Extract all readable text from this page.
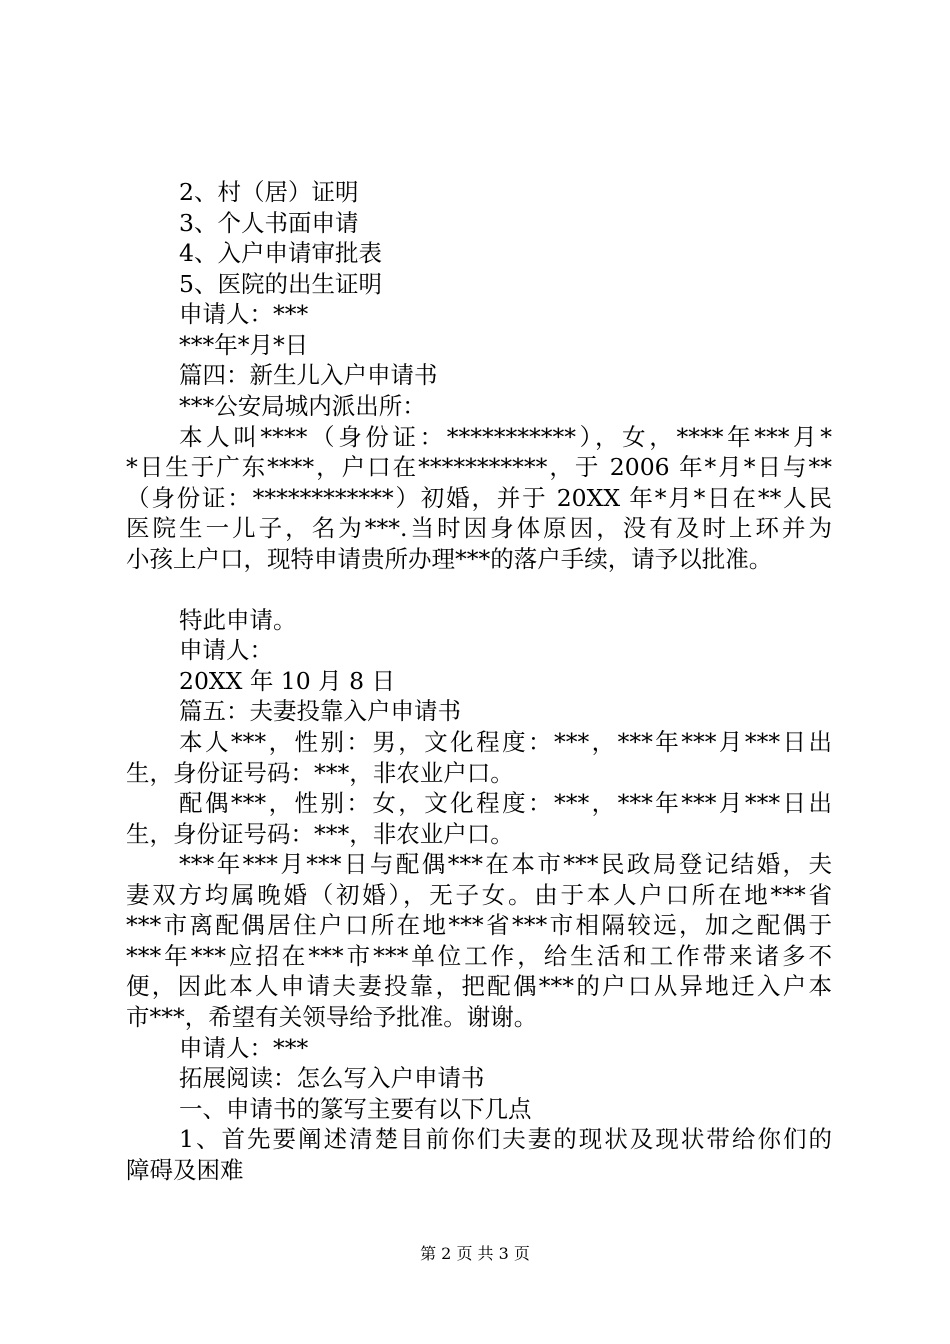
2、村（居）证明
3、个人书面申请
4、入户申请审批表
5、医院的出生证明
申请人：***
***年*月*日
篇四：新生儿入户申请书
***公安局城内派出所：
本人叫****（身份证：***********），女，****年***月*
*日生于广东****，户口在***********，于 2006 年*月*日与**
（身份证：************）初婚，并于 20XX 年*月*日在**人民
医院生一儿子，名为***.当时因身体原因，没有及时上环并为
小孩上户口，现特申请贵所办理***的落户手续，请予以批准。
特此申请。
申请人：
20XX 年 10 月 8 日
篇五：夫妻投靠入户申请书
本人***，性别：男，文化程度：***，***年***月***日出
生，身份证号码：***，非农业户口。
配偶***，性别：女，文化程度：***，***年***月***日出
生，身份证号码：***，非农业户口。
***年***月***日与配偶***在本市***民政局登记结婚，夫
妻双方均属晚婚（初婚），无子女。由于本人户口所在地***省
***市离配偶居住户口所在地***省***市相隔较远，加之配偶于
***年***应招在***市***单位工作，给生活和工作带来诸多不
便，因此本人申请夫妻投靠，把配偶***的户口从异地迁入户本
市***，希望有关领导给予批准。谢谢。
申请人：***
拓展阅读：怎么写入户申请书
一、申请书的篆写主要有以下几点
1、首先要阐述清楚目前你们夫妻的现状及现状带给你们的
障碍及困难
第 2 页 共 3 页
